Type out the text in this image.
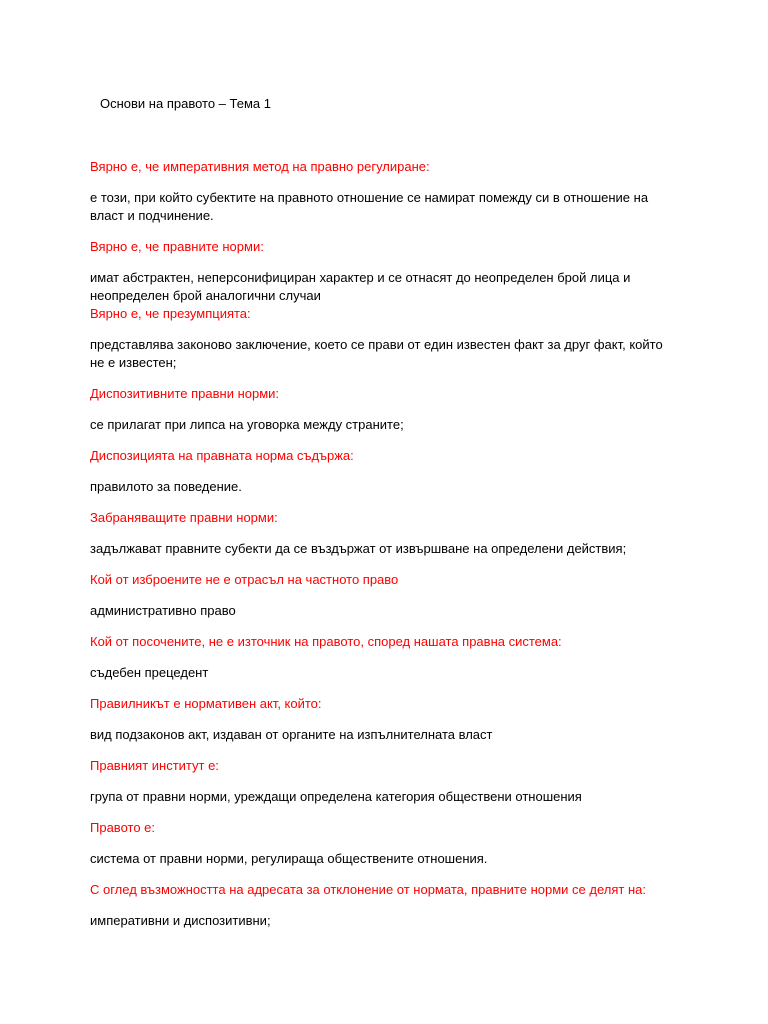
Основи на правото – Тема 1
Вярно е, че императивния метод на правно регулиране:
е този, при който субектите на правното отношение се намират помежду си в отношение на власт и подчинение.
Вярно е, че правните норми:
имат абстрактен, неперсонифициран характер и се отнасят до неопределен брой лица и неопределен брой аналогични случаи
Вярно е, че презумпцията:
представлява законово заключение, което се прави от един известен факт за друг факт, който не е известен;
Диспозитивните правни норми:
се прилагат при липса на уговорка между страните;
Диспозицията на правната норма съдържа:
правилото за поведение.
Забраняващите правни норми:
задължават правните субекти да се въздържат от извършване на определени действия;
Кой от изброените не е отрасъл на частното право
административно право
Кой от посочените, не е източник на правото, според нашата правна система:
съдебен прецедент
Правилникът е нормативен акт, който:
вид подзаконов акт, издаван от органите на изпълнителната власт
Правният институт е:
група от правни норми, уреждащи определена категория обществени отношения
Правото е:
система от правни норми, регулираща обществените отношения.
С оглед възможността на адресата за отклонение от нормата, правните норми се делят на:
императивни и диспозитивни;
